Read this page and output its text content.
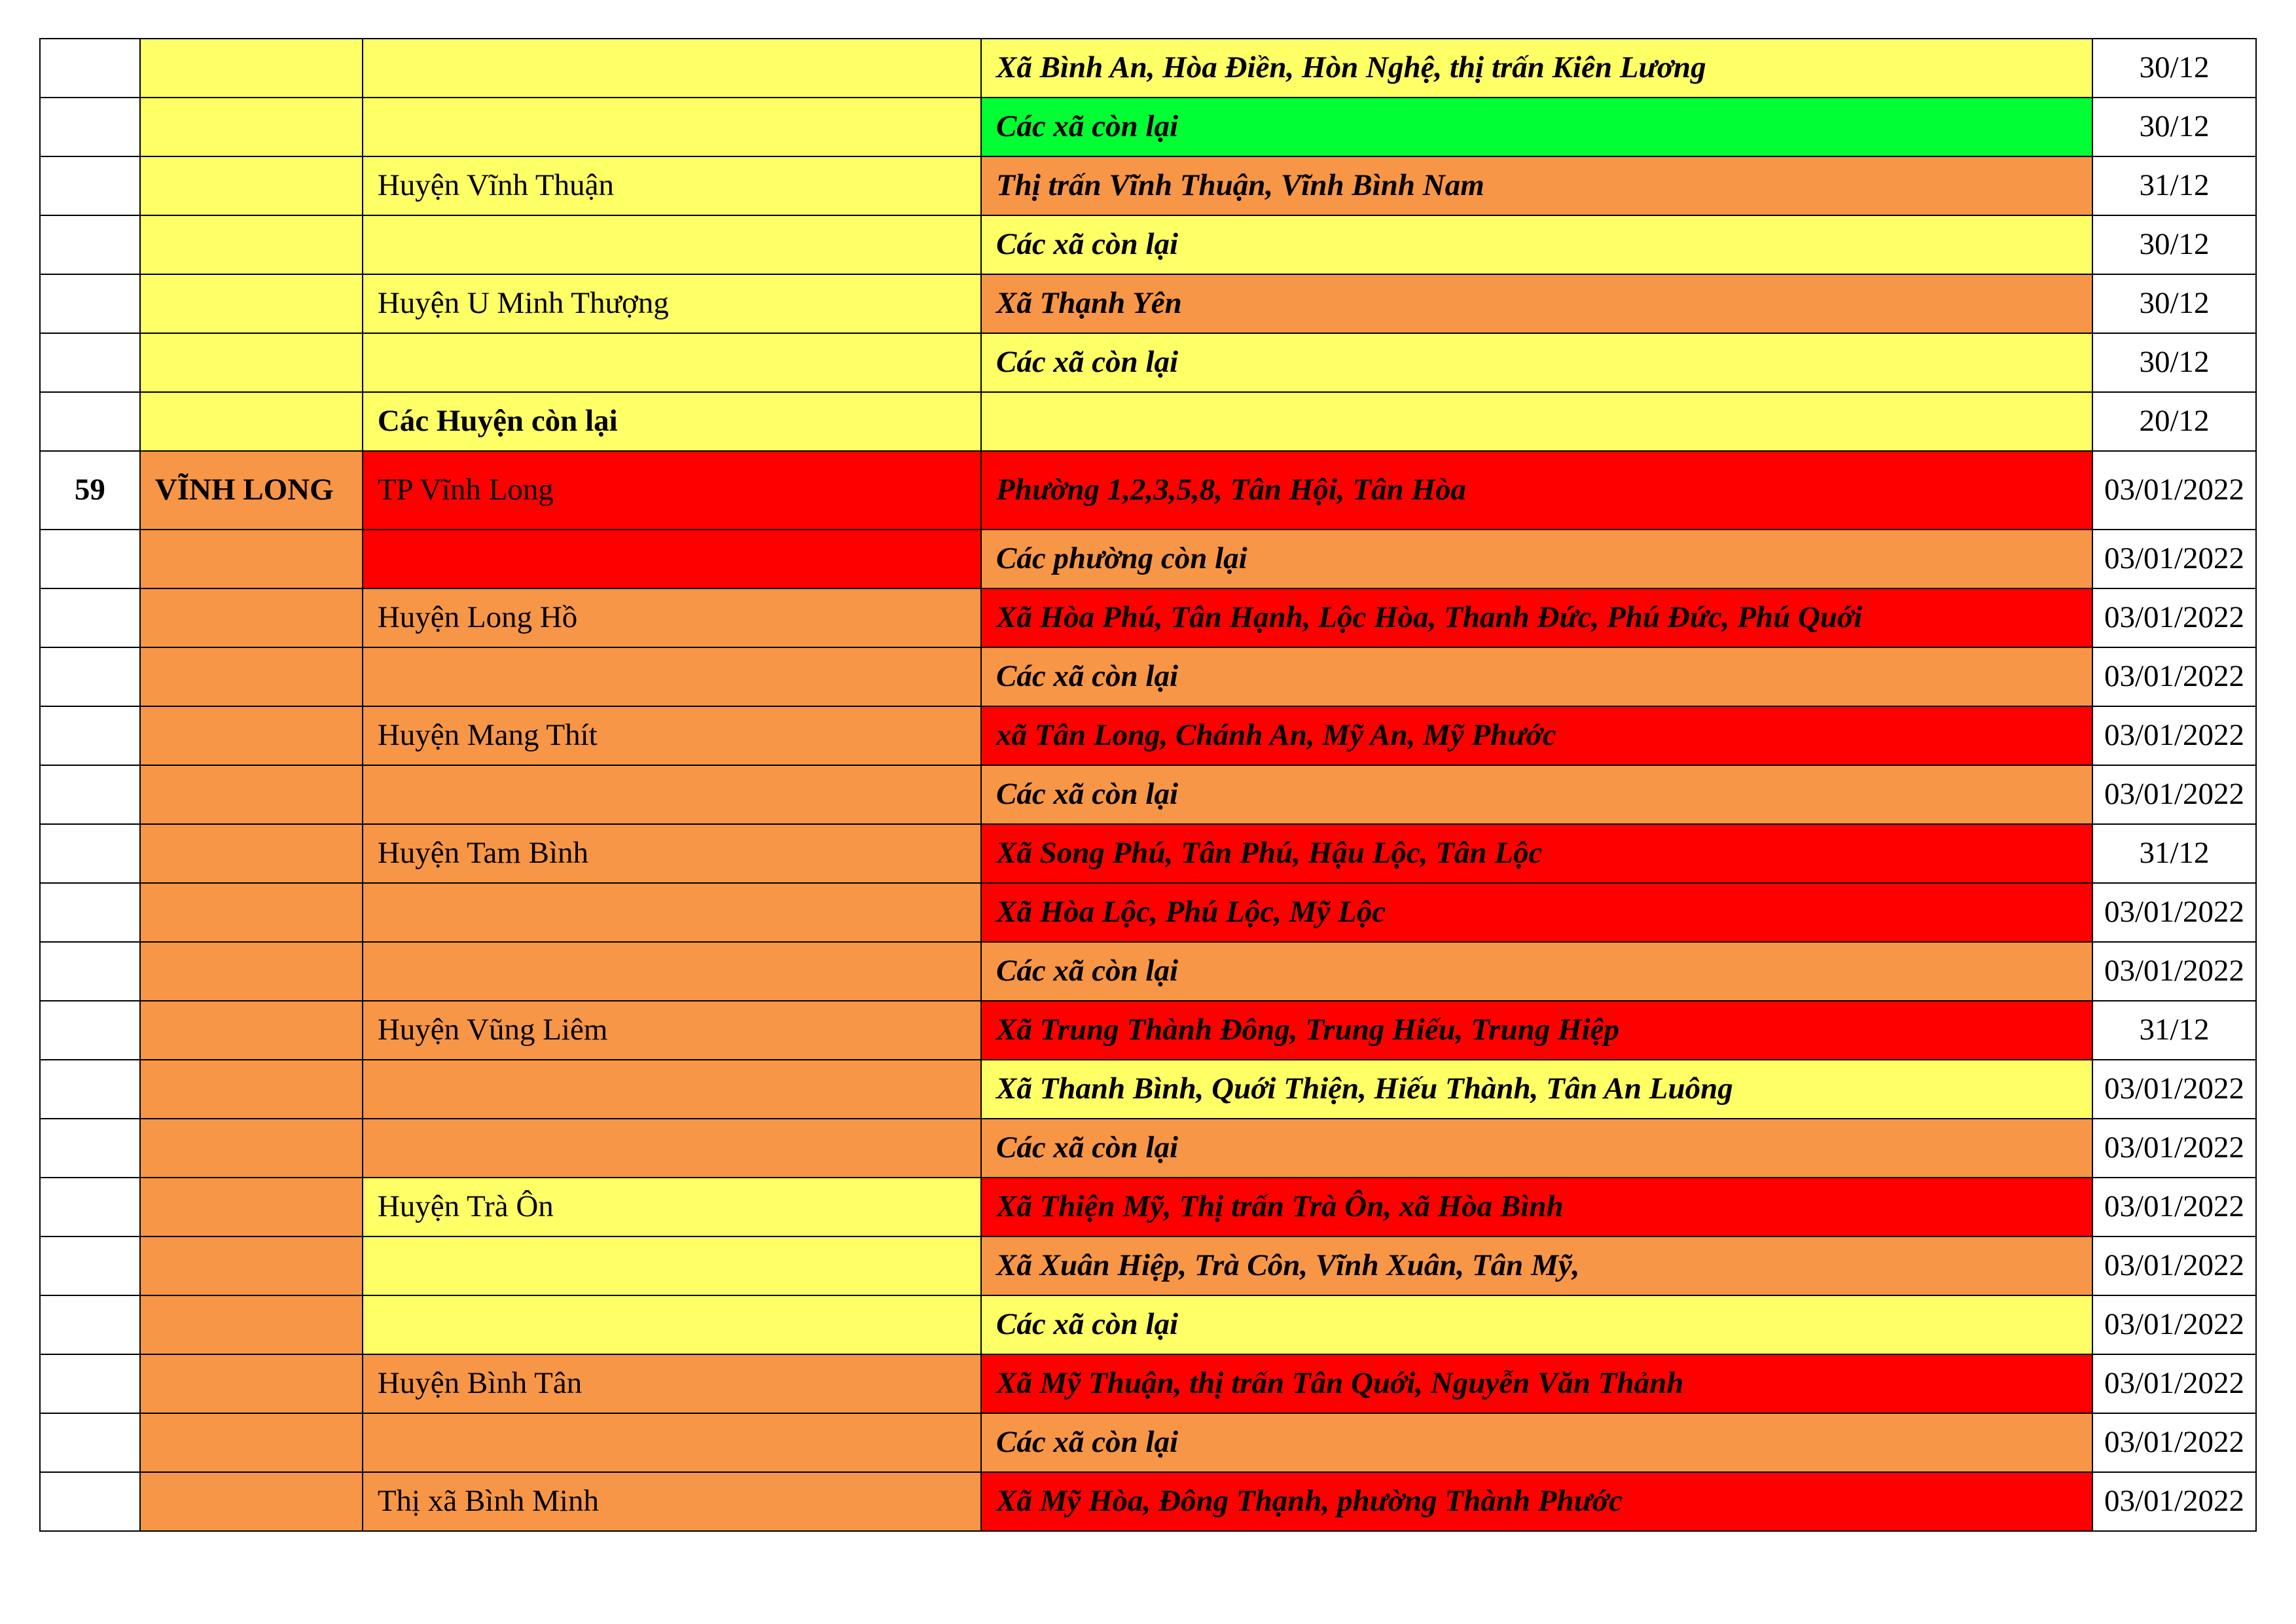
			Xã Bình An, Hòa Điền, Hòn Nghệ, thị trấn Kiên Lương	30/12
			Các xã còn lại	30/12
		Huyện Vĩnh Thuận	Thị trấn Vĩnh Thuận, Vĩnh Bình Nam	31/12
			Các xã còn lại	30/12
		Huyện U Minh Thượng	Xã Thạnh Yên	30/12
			Các xã còn lại	30/12
		Các Huyện còn lại		20/12
59	VĨNH LONG	TP Vĩnh Long	Phường 1,2,3,5,8, Tân Hội, Tân Hòa	03/01/2022
			Các phường còn lại	03/01/2022
		Huyện Long Hồ	Xã Hòa Phú, Tân Hạnh, Lộc Hòa, Thanh Đức, Phú Đức, Phú Quới	03/01/2022
			Các xã còn lại	03/01/2022
		Huyện Mang Thít	xã Tân Long, Chánh An, Mỹ An, Mỹ Phước	03/01/2022
			Các xã còn lại	03/01/2022
		Huyện Tam Bình	Xã Song Phú, Tân Phú, Hậu Lộc, Tân Lộc	31/12
			Xã Hòa Lộc, Phú Lộc, Mỹ Lộc	03/01/2022
			Các xã còn lại	03/01/2022
		Huyện Vũng Liêm	Xã Trung Thành Đông, Trung Hiếu, Trung Hiệp	31/12
			Xã Thanh Bình, Quới Thiện, Hiếu Thành, Tân An Luông	03/01/2022
			Các xã còn lại	03/01/2022
		Huyện Trà Ôn	Xã Thiện Mỹ, Thị trấn Trà Ôn, xã Hòa Bình	03/01/2022
			Xã Xuân Hiệp, Trà Côn, Vĩnh Xuân, Tân Mỹ,	03/01/2022
			Các xã còn lại	03/01/2022
		Huyện Bình Tân	Xã Mỹ Thuận, thị trấn Tân Quới, Nguyễn Văn Thảnh	03/01/2022
			Các xã còn lại	03/01/2022
		Thị xã Bình Minh	Xã Mỹ Hòa, Đông Thạnh, phường Thành Phước	03/01/2022
